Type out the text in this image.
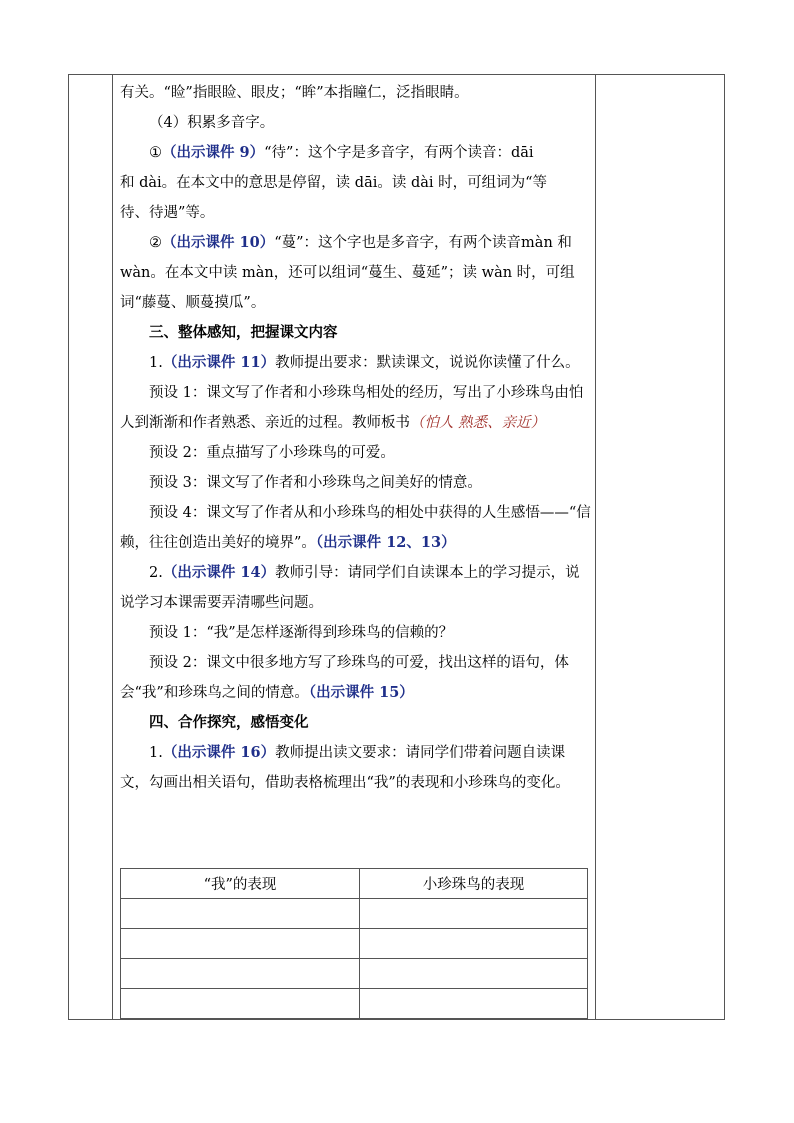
有关。“睑”指眼睑、眼皮；“眸”本指瞳仁，泛指眼睛。

（4）积累多音字。

①（出示课件 9）“待”：这个字是多音字，有两个读音：dāi

和 dài。在本文中的意思是停留，读 dāi。读 dài 时，可组词为“等

待、待遇”等。

②（出示课件 10）“蔓”：这个字也是多音字，有两个读音màn 和 wàn。在本文中读 màn，还可以组词“蔓生、蔓延”；读 wàn 时，可组词“藤蔓、顺蔓摸瓜”。

三、整体感知，把握课文内容

1.（出示课件 11）教师提出要求：默读课文，说说你读懂了什么。

预设 1：课文写了作者和小珍珠鸟相处的经历，写出了小珍珠鸟由怕人到渐渐和作者熟悉、亲近的过程。教师板书（怕人 熟悉、亲近）

预设 2：重点描写了小珍珠鸟的可爱。

预设 3：课文写了作者和小珍珠鸟之间美好的情意。

预设 4：课文写了作者从和小珍珠鸟的相处中获得的人生感悟——“信赖，往往创造出美好的境界”。（出示课件 12、13）

2.（出示课件 14）教师引导：请同学们自读课本上的学习提示，说说学习本课需要弄清哪些问题。

预设 1：“我”是怎样逐渐得到珍珠鸟的信赖的？

预设 2：课文中很多地方写了珍珠鸟的可爱，找出这样的语句，体会“我”和珍珠鸟之间的情意。（出示课件 15）

四、合作探究，感悟变化

1.（出示课件 16）教师提出读文要求：请同学们带着问题自读课文，勾画出相关语句，借助表格梳理出“我”的表现和小珍珠鸟的变化。

“我”的表现	小珍珠鸟的表现
